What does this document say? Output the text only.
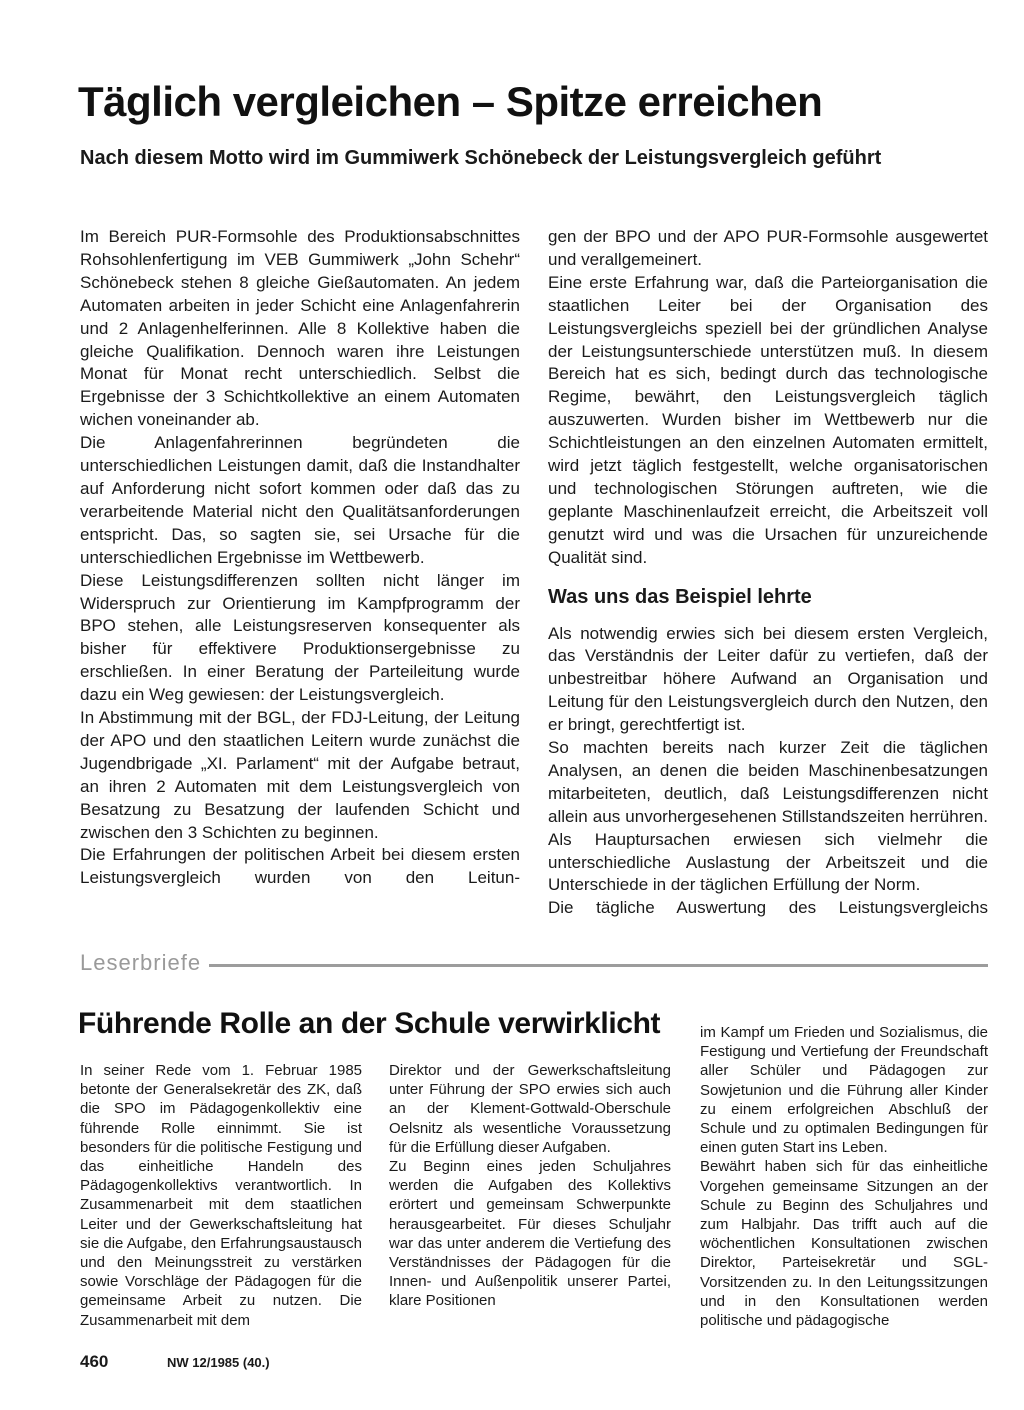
Täglich vergleichen – Spitze erreichen
Nach diesem Motto wird im Gummiwerk Schönebeck der Leistungsvergleich geführt

Im Bereich PUR-Formsohle des Produktionsabschnittes Rohsohlenfertigung im VEB Gummiwerk „John Schehr“ Schönebeck stehen 8 gleiche Gießautomaten. An jedem Automaten arbeiten in jeder Schicht eine Anlagenfahrerin und 2 Anlagenhelferinnen. Alle 8 Kollektive haben die gleiche Qualifikation. Dennoch waren ihre Leistungen Monat für Monat recht unterschiedlich. Selbst die Ergebnisse der 3 Schichtkollektive an einem Automaten wichen voneinander ab.

Die Anlagenfahrerinnen begründeten die unterschiedlichen Leistungen damit, daß die Instandhalter auf Anforderung nicht sofort kommen oder daß das zu verarbeitende Material nicht den Qualitätsanforderungen entspricht. Das, so sagten sie, sei Ursache für die unterschiedlichen Ergebnisse im Wettbewerb.

Diese Leistungsdifferenzen sollten nicht länger im Widerspruch zur Orientierung im Kampfprogramm der BPO stehen, alle Leistungsreserven konsequenter als bisher für effektivere Produktionsergebnisse zu erschließen. In einer Beratung der Parteileitung wurde dazu ein Weg gewiesen: der Leistungsvergleich.

In Abstimmung mit der BGL, der FDJ-Leitung, der Leitung der APO und den staatlichen Leitern wurde zunächst die Jugendbrigade „XI. Parlament“ mit der Aufgabe betraut, an ihren 2 Automaten mit dem Leistungsvergleich von Besatzung zu Besatzung der laufenden Schicht und zwischen den 3 Schichten zu beginnen.

Die Erfahrungen der politischen Arbeit bei diesem ersten Leistungsvergleich wurden von den Leitun-

gen der BPO und der APO PUR-Formsohle ausgewertet und verallgemeinert.

Eine erste Erfahrung war, daß die Parteiorganisation die staatlichen Leiter bei der Organisation des Leistungsvergleichs speziell bei der gründlichen Analyse der Leistungsunterschiede unterstützen muß. In diesem Bereich hat es sich, bedingt durch das technologische Regime, bewährt, den Leistungsvergleich täglich auszuwerten. Wurden bisher im Wettbewerb nur die Schichtleistungen an den einzelnen Automaten ermittelt, wird jetzt täglich festgestellt, welche organisatorischen und technologischen Störungen auftreten, wie die geplante Maschinenlaufzeit erreicht, die Arbeitszeit voll genutzt wird und was die Ursachen für unzureichende Qualität sind.

Was uns das Beispiel lehrte

Als notwendig erwies sich bei diesem ersten Vergleich, das Verständnis der Leiter dafür zu vertiefen, daß der unbestreitbar höhere Aufwand an Organisation und Leitung für den Leistungsvergleich durch den Nutzen, den er bringt, gerechtfertigt ist.

So machten bereits nach kurzer Zeit die täglichen Analysen, an denen die beiden Maschinenbesatzungen mitarbeiteten, deutlich, daß Leistungsdifferenzen nicht allein aus unvorhergesehenen Stillstandszeiten herrühren. Als Hauptursachen erwiesen sich vielmehr die unterschiedliche Auslastung der Arbeitszeit und die Unterschiede in der täglichen Erfüllung der Norm.

Die tägliche Auswertung des Leistungsvergleichs

Leserbriefe
Führende Rolle an der Schule verwirklicht

In seiner Rede vom 1. Februar 1985 betonte der Generalsekretär des ZK, daß die SPO im Pädagogenkollektiv eine führende Rolle einnimmt. Sie ist besonders für die politische Festigung und das einheitliche Handeln des Pädagogenkollektivs verantwortlich. In Zusammenarbeit mit dem staatlichen Leiter und der Gewerkschaftsleitung hat sie die Aufgabe, den Erfahrungsaustausch und den Meinungsstreit zu verstärken sowie Vorschläge der Pädagogen für die gemeinsame Arbeit zu nutzen. Die Zusammenarbeit mit dem

Direktor und der Gewerkschaftsleitung unter Führung der SPO erwies sich auch an der Klement-Gottwald-Oberschule Oelsnitz als wesentliche Voraussetzung für die Erfüllung dieser Aufgaben.

Zu Beginn eines jeden Schuljahres werden die Aufgaben des Kollektivs erörtert und gemeinsam Schwerpunkte herausgearbeitet. Für dieses Schuljahr war das unter anderem die Vertiefung des Verständnisses der Pädagogen für die Innen- und Außenpolitik unserer Partei, klare Positionen

im Kampf um Frieden und Sozialismus, die Festigung und Vertiefung der Freundschaft aller Schüler und Pädagogen zur Sowjetunion und die Führung aller Kinder zu einem erfolgreichen Abschluß der Schule und zu optimalen Bedingungen für einen guten Start ins Leben.

Bewährt haben sich für das einheitliche Vorgehen gemeinsame Sitzungen an der Schule zu Beginn des Schuljahres und zum Halbjahr. Das trifft auch auf die wöchentlichen Konsultationen zwischen Direktor, Parteisekretär und SGL-Vorsitzenden zu. In den Leitungssitzungen und in den Konsultationen werden politische und pädagogische

460	NW 12/1985 (40.)
